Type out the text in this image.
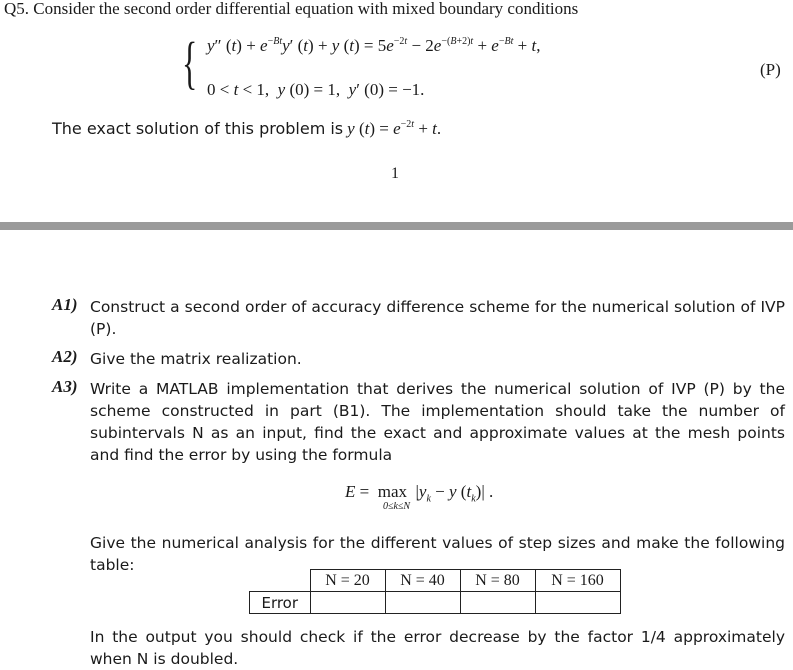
Q5. Consider the second order differential equation with mixed boundary conditions
{ y″ $(t) + e^{-Bt}y'$ (t) + y $(t) = 5e^{-2t} - 2e^{-(B+2)t} + e^{-Bt} + t$,
0 < t < 1,  y (0) = 1,  y′ (0) = −1.
(P)
The exact solution of this problem is y $(t) = e^{-2t} + t$.
1
A1) Construct a second order of accuracy difference scheme for the numerical solution of IVP (P).
A2) Give the matrix realization.
A3) Write a MATLAB implementation that derives the numerical solution of IVP (P) by the scheme constructed in part (B1). The implementation should take the number of subintervals N as an input, find the exact and approximate values at the mesh points and find the error by using the formula
$E = \max |y_k - y$ $(t_k)|$ .
0≤k≤N
Give the numerical analysis for the different values of step sizes and make the following table:
	N = 20	N = 40	N = 80	N = 160
Error				
In the output you should check if the error decrease by the factor 1/4 approximately when N is doubled.
